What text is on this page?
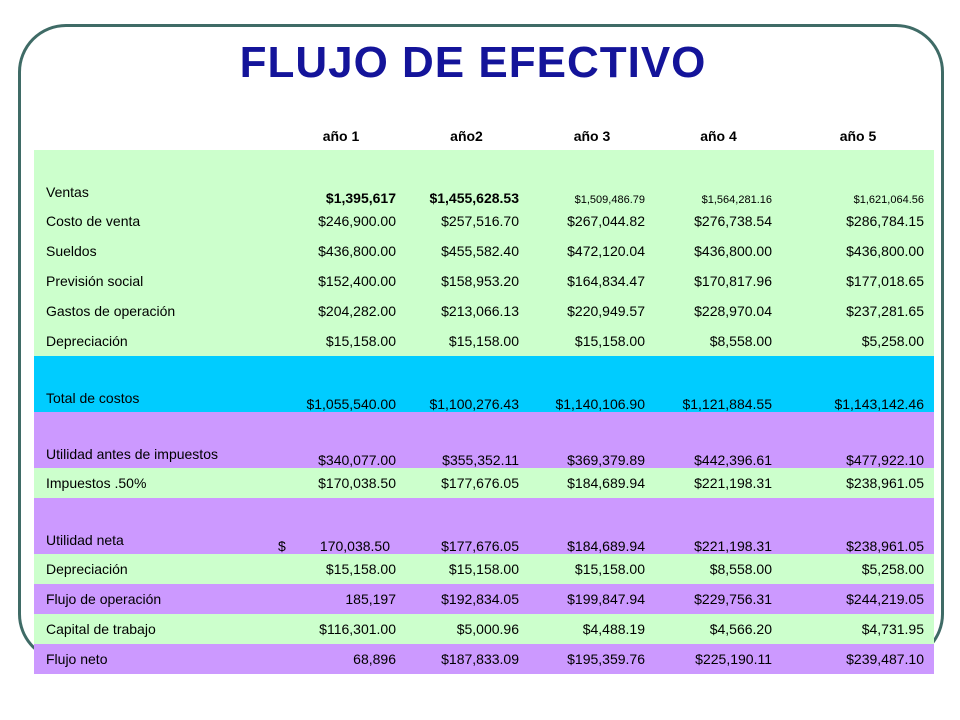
FLUJO DE EFECTIVO
	año 1	año2	año 3	año 4	año 5
Ventas	$1,395,617	$1,455,628.53	$1,509,486.79	$1,564,281.16	$1,621,064.56
Costo de venta	$246,900.00	$257,516.70	$267,044.82	$276,738.54	$286,784.15
Sueldos	$436,800.00	$455,582.40	$472,120.04	$436,800.00	$436,800.00
Previsión social	$152,400.00	$158,953.20	$164,834.47	$170,817.96	$177,018.65
Gastos de operación	$204,282.00	$213,066.13	$220,949.57	$228,970.04	$237,281.65
Depreciación	$15,158.00	$15,158.00	$15,158.00	$8,558.00	$5,258.00
Total de costos	$1,055,540.00	$1,100,276.43	$1,140,106.90	$1,121,884.55	$1,143,142.46
Utilidad antes de impuestos	$340,077.00	$355,352.11	$369,379.89	$442,396.61	$477,922.10
Impuestos .50%	$170,038.50	$177,676.05	$184,689.94	$221,198.31	$238,961.05
Utilidad neta	$ 170,038.50	$177,676.05	$184,689.94	$221,198.31	$238,961.05
Depreciación	$15,158.00	$15,158.00	$15,158.00	$8,558.00	$5,258.00
Flujo de operación	185,197	$192,834.05	$199,847.94	$229,756.31	$244,219.05
Capital de trabajo	$116,301.00	$5,000.96	$4,488.19	$4,566.20	$4,731.95
Flujo neto	68,896	$187,833.09	$195,359.76	$225,190.11	$239,487.10
